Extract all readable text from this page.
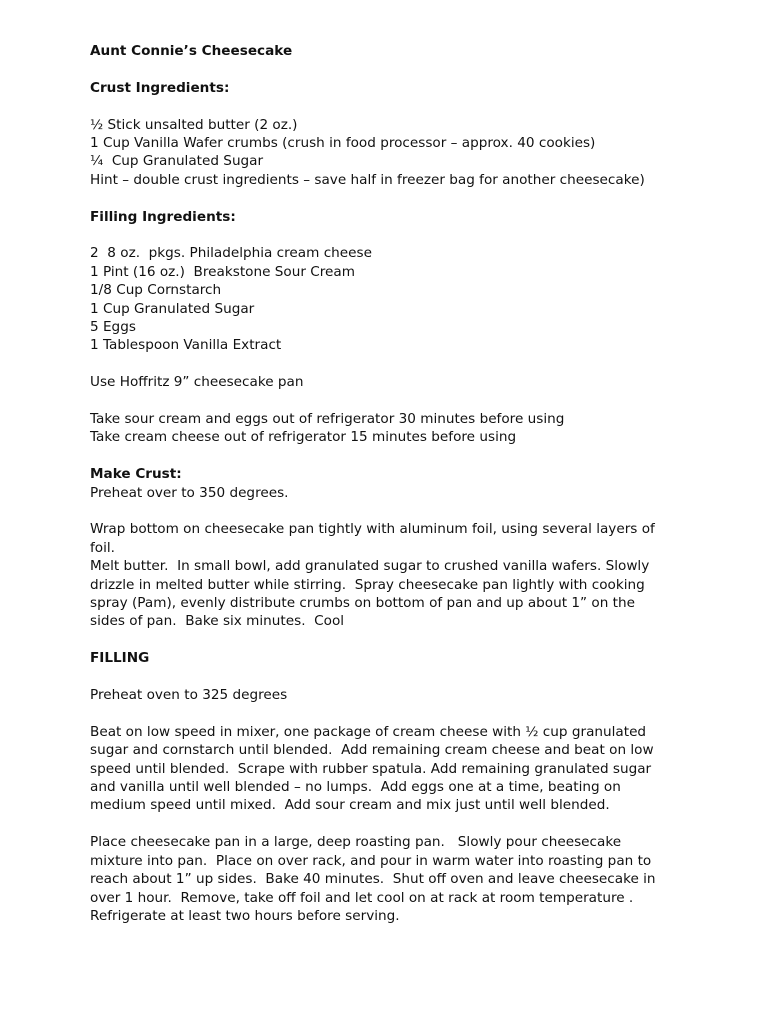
Aunt Connie’s Cheesecake
Crust Ingredients:
½ Stick unsalted butter (2 oz.)
1 Cup Vanilla Wafer crumbs (crush in food processor – approx. 40 cookies)
¼  Cup Granulated Sugar
Hint – double crust ingredients – save half in freezer bag for another cheesecake)
Filling Ingredients:
2  8 oz.  pkgs. Philadelphia cream cheese
1 Pint (16 oz.)  Breakstone Sour Cream
1/8 Cup Cornstarch
1 Cup Granulated Sugar
5 Eggs
1 Tablespoon Vanilla Extract
Use Hoffritz 9” cheesecake pan
Take sour cream and eggs out of refrigerator 30 minutes before using
Take cream cheese out of refrigerator 15 minutes before using
Make Crust:
Preheat over to 350 degrees.
Wrap bottom on cheesecake pan tightly with aluminum foil, using several layers of
foil.
Melt butter.  In small bowl, add granulated sugar to crushed vanilla wafers. Slowly
drizzle in melted butter while stirring.  Spray cheesecake pan lightly with cooking
spray (Pam), evenly distribute crumbs on bottom of pan and up about 1” on the
sides of pan.  Bake six minutes.  Cool
FILLING
Preheat oven to 325 degrees
Beat on low speed in mixer, one package of cream cheese with ½ cup granulated
sugar and cornstarch until blended.  Add remaining cream cheese and beat on low
speed until blended.  Scrape with rubber spatula. Add remaining granulated sugar
and vanilla until well blended – no lumps.  Add eggs one at a time, beating on
medium speed until mixed.  Add sour cream and mix just until well blended.
Place cheesecake pan in a large, deep roasting pan.   Slowly pour cheesecake
mixture into pan.  Place on over rack, and pour in warm water into roasting pan to
reach about 1” up sides.  Bake 40 minutes.  Shut off oven and leave cheesecake in
over 1 hour.  Remove, take off foil and let cool on at rack at room temperature .
Refrigerate at least two hours before serving.
